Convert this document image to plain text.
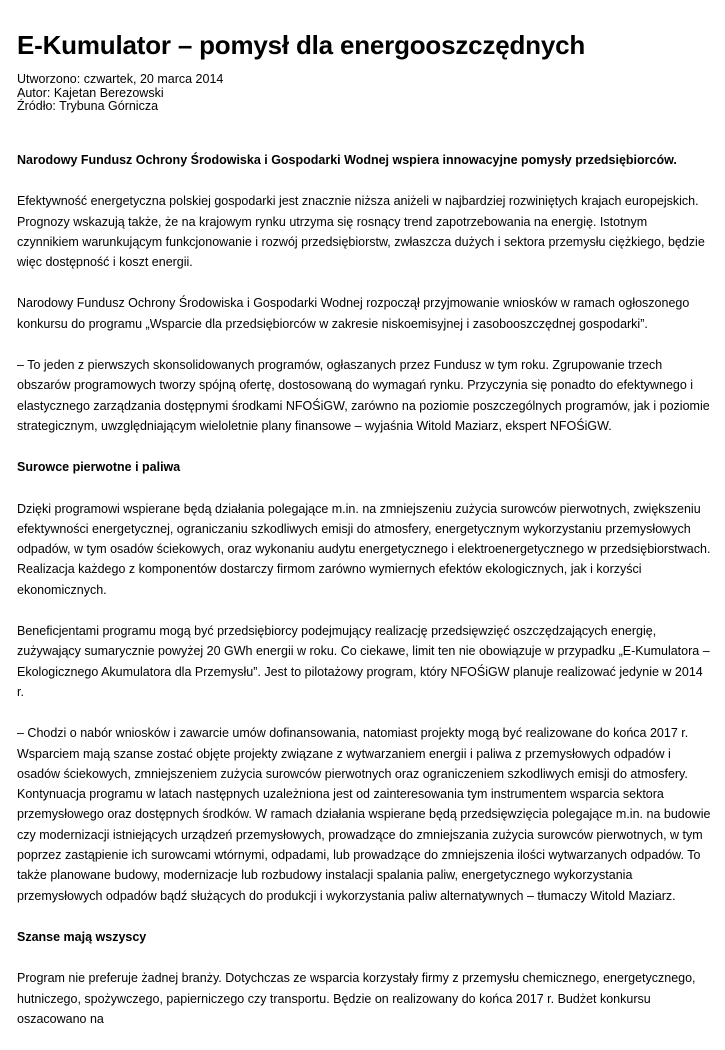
E-Kumulator – pomysł dla energooszczędnych
Utworzono: czwartek, 20 marca 2014
Autor: Kajetan Berezowski
Źródło: Trybuna Górnicza

Narodowy Fundusz Ochrony Środowiska i Gospodarki Wodnej wspiera innowacyjne pomysły przedsiębiorców.

Efektywność energetyczna polskiej gospodarki jest znacznie niższa aniżeli w najbardziej rozwiniętych krajach europejskich. Prognozy wskazują także, że na krajowym rynku utrzyma się rosnący trend zapotrzebowania na energię. Istotnym czynnikiem warunkującym funkcjonowanie i rozwój przedsiębiorstw, zwłaszcza dużych i sektora przemysłu ciężkiego, będzie więc dostępność i koszt energii.

Narodowy Fundusz Ochrony Środowiska i Gospodarki Wodnej rozpoczął przyjmowanie wniosków w ramach ogłoszonego konkursu do programu „Wsparcie dla przedsiębiorców w zakresie niskoemisyjnej i zasobooszczędnej gospodarki”.

– To jeden z pierwszych skonsolidowanych programów, ogłaszanych przez Fundusz w tym roku. Zgrupowanie trzech obszarów programowych tworzy spójną ofertę, dostosowaną do wymagań rynku. Przyczynia się ponadto do efektywnego i elastycznego zarządzania dostępnymi środkami NFOŚiGW, zarówno na poziomie poszczególnych programów, jak i poziomie strategicznym, uwzględniającym wieloletnie plany finansowe – wyjaśnia Witold Maziarz, ekspert NFOŚiGW.

Surowce pierwotne i paliwa

Dzięki programowi wspierane będą działania polegające m.in. na zmniejszeniu zużycia surowców pierwotnych, zwiększeniu efektywności energetycznej, ograniczaniu szkodliwych emisji do atmosfery, energetycznym wykorzystaniu przemysłowych odpadów, w tym osadów ściekowych, oraz wykonaniu audytu energetycznego i elektroenergetycznego w przedsiębiorstwach. Realizacja każdego z komponentów dostarczy firmom zarówno wymiernych efektów ekologicznych, jak i korzyści ekonomicznych.

Beneficjentami programu mogą być przedsiębiorcy podejmujący realizację przedsięwzięć oszczędzających energię, zużywający sumarycznie powyżej 20 GWh energii w roku. Co ciekawe, limit ten nie obowiązuje w przypadku „E-Kumulatora – Ekologicznego Akumulatora dla Przemysłu”. Jest to pilotażowy program, który NFOŚiGW planuje realizować jedynie w 2014 r.

– Chodzi o nabór wniosków i zawarcie umów dofinansowania, natomiast projekty mogą być realizowane do końca 2017 r. Wsparciem mają szanse zostać objęte projekty związane z wytwarzaniem energii i paliwa z przemysłowych odpadów i osadów ściekowych, zmniejszeniem zużycia surowców pierwotnych oraz ograniczeniem szkodliwych emisji do atmosfery. Kontynuacja programu w latach następnych uzależniona jest od zainteresowania tym instrumentem wsparcia sektora przemysłowego oraz dostępnych środków. W ramach działania wspierane będą przedsięwzięcia polegające m.in. na budowie czy modernizacji istniejących urządzeń przemysłowych, prowadzące do zmniejszania zużycia surowców pierwotnych, w tym poprzez zastąpienie ich surowcami wtórnymi, odpadami, lub prowadzące do zmniejszenia ilości wytwarzanych odpadów. To także planowane budowy, modernizacje lub rozbudowy instalacji spalania paliw, energetycznego wykorzystania przemysłowych odpadów bądź służących do produkcji i wykorzystania paliw alternatywnych – tłumaczy Witold Maziarz.

Szanse mają wszyscy

Program nie preferuje żadnej branży. Dotychczas ze wsparcia korzystały firmy z przemysłu chemicznego, energetycznego, hutniczego, spożywczego, papierniczego czy transportu. Będzie on realizowany do końca 2017 r. Budżet konkursu oszacowano na
